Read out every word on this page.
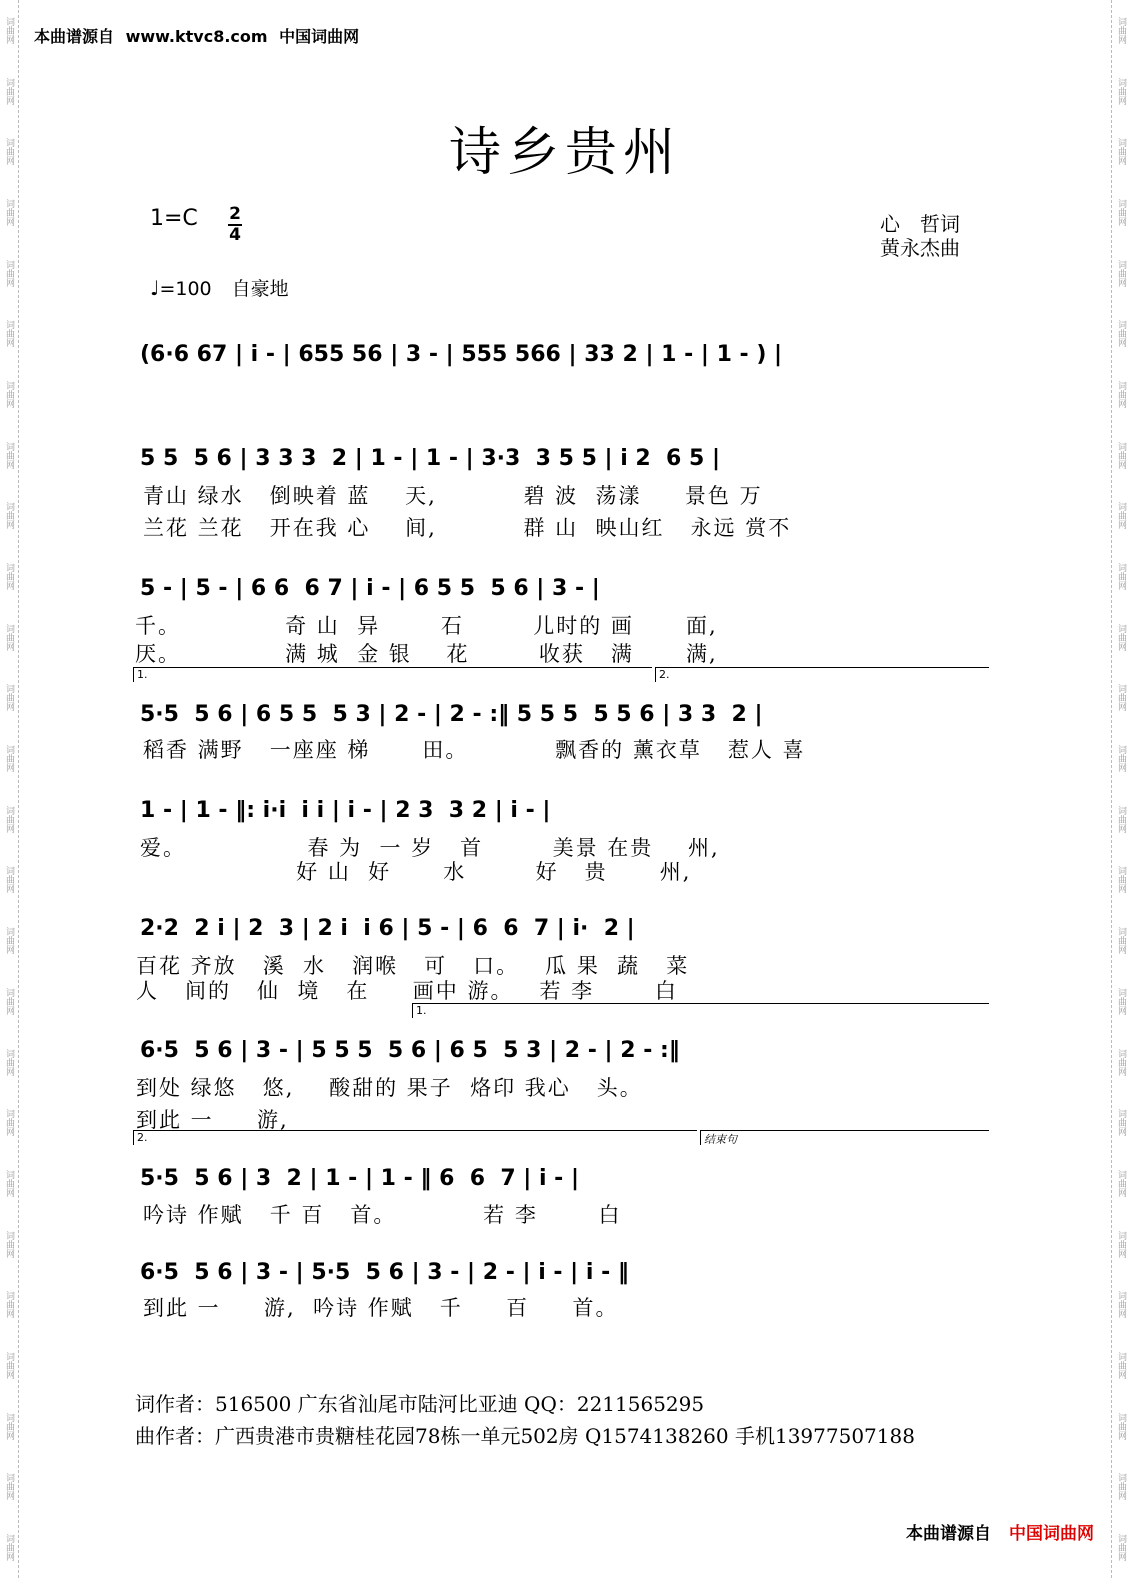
词曲网
词曲网
词曲网
词曲网
词曲网
词曲网
词曲网
词曲网
词曲网
词曲网
词曲网
词曲网
词曲网
词曲网
词曲网
词曲网
词曲网
词曲网
词曲网
词曲网
词曲网
词曲网
词曲网
词曲网
词曲网
词曲网
词曲网
词曲网
词曲网
词曲网
词曲网
词曲网
词曲网
词曲网
词曲网
词曲网
词曲网
词曲网
词曲网
词曲网
词曲网
词曲网
词曲网
词曲网
词曲网
词曲网
词曲网
词曲网
词曲网
词曲网
词曲网
词曲网
本曲谱源自 www.ktvc8.com 中国词曲网
诗乡贵州
1=C 2
4	心　哲词
黄永杰曲
♩=100 自豪地
(6·6 67 | i - | 655 56 | 3 - | 555 566 | 33 2 | 1 - | 1 - ) |
5 5  5 6 | 3 3 3  2 | 1 - | 1 - | 3·3  3 5 5 | i 2  6 5 |
青山 绿水   倒映着 蓝    天,          碧 波  荡漾     景色 万
兰花 兰花   开在我 心    间,          群 山  映山红   永远 赏不
5 - | 5 - | 6 6  6 7 | i - | 6 5 5  5 6 | 3 - |
千。            奇 山  异       石        儿时的 画      面,
厌。            满 城  金 银    花        收获   满      满,
1.	2.
5·5  5 6 | 6 5 5  5 3 | 2 - | 2 - :‖ 5 5 5  5 5 6 | 3 3  2 |
稻香 满野   一座座 梯      田。          飘香的 薰衣草   惹人 喜
1 - | 1 - ‖: i·i  i i | i - | 2 3  3 2 | i - |
爱。              春 为  一 岁   首        美景 在贵    州,
好 山  好      水        好   贵      州,
2·2  2 i | 2  3 | 2 i  i 6 | 5 - | 6  6  7 | i·  2 |
百花 齐放   溪  水   润喉   可   口。   瓜 果  蔬   菜
人   间的   仙  境   在     画中 游。   若 李       白
1.
6·5  5 6 | 3 - | 5 5 5  5 6 | 6 5  5 3 | 2 - | 2 - :‖
到处 绿悠   悠,    酸甜的 果子  烙印 我心   头。
到此 一     游,
2.	结束句
5·5  5 6 | 3  2 | 1 - | 1 - ‖ 6  6  7 | i - |
吟诗 作赋   千 百   首。          若 李       白
6·5  5 6 | 3 - | 5·5  5 6 | 3 - | 2 - | i - | i - ‖
到此 一     游,  吟诗 作赋   千     百     首。
词作者：516500 广东省汕尾市陆河比亚迪 QQ：2211565295
曲作者：广西贵港市贵糖桂花园78栋一单元502房 Q1574138260 手机13977507188
本曲谱源自 中国词曲网
